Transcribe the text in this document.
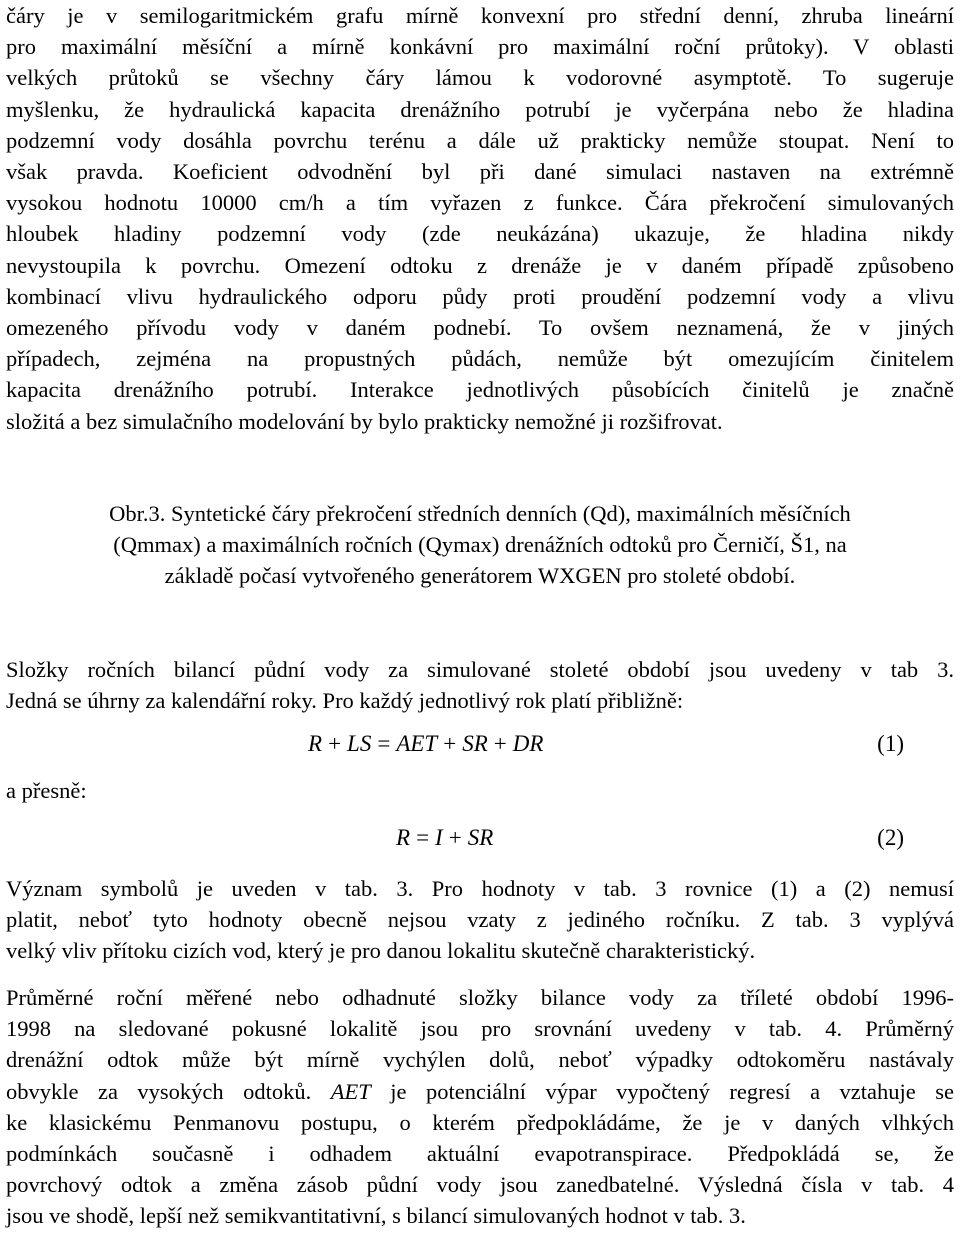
čáry je v semilogaritmickém grafu mírně konvexní pro střední denní, zhruba lineární
pro maximální měsíční a mírně konkávní pro maximální roční průtoky). V oblasti
velkých průtoků se všechny čáry lámou k vodorovné asymptotě. To sugeruje
myšlenku, že hydraulická kapacita drenážního potrubí je vyčerpána nebo že hladina
podzemní vody dosáhla povrchu terénu a dále už prakticky nemůže stoupat. Není to
však pravda. Koeficient odvodnění byl při dané simulaci nastaven na extrémně
vysokou hodnotu 10000 cm/h a tím vyřazen z funkce. Čára překročení simulovaných
hloubek hladiny podzemní vody (zde neukázána) ukazuje, že hladina nikdy
nevystoupila k povrchu. Omezení odtoku z drenáže je v daném případě způsobeno
kombinací vlivu hydraulického odporu půdy proti proudění podzemní vody a vlivu
omezeného přívodu vody v daném podnebí. To ovšem neznamená, že v jiných
případech, zejména na propustných půdách, nemůže být omezujícím činitelem
kapacita drenážního potrubí. Interakce jednotlivých působících činitelů je značně
složitá a bez simulačního modelování by bylo prakticky nemožné ji rozšifrovat.
Obr.3. Syntetické čáry překročení středních denních (Qd), maximálních měsíčních
(Qmmax) a maximálních ročních (Qymax) drenážních odtoků pro Černičí, Š1, na
základě počasí vytvořeného generátorem WXGEN pro stoleté období.
Složky ročních bilancí půdní vody za simulované stoleté období jsou uvedeny v tab 3.
Jedná se úhrny za kalendářní roky. Pro každý jednotlivý rok platí přibližně:
R + LS = AET + SR + DR	(1)
a přesně:
R = I + SR	(2)
Význam symbolů je uveden v tab. 3. Pro hodnoty v tab. 3 rovnice (1) a (2) nemusí
platit, neboť tyto hodnoty obecně nejsou vzaty z jediného ročníku. Z tab. 3 vyplývá
velký vliv přítoku cizích vod, který je pro danou lokalitu skutečně charakteristický.
Průměrné roční měřené nebo odhadnuté složky bilance vody za tříleté období 1996-
1998 na sledované pokusné lokalitě jsou pro srovnání uvedeny v tab. 4. Průměrný
drenážní odtok může být mírně vychýlen dolů, neboť výpadky odtokoměru nastávaly
obvykle za vysokých odtoků. AET je potenciální výpar vypočtený regresí a vztahuje se
ke klasickému Penmanovu postupu, o kterém předpokládáme, že je v daných vlhkých
podmínkách současně i odhadem aktuální evapotranspirace. Předpokládá se, že
povrchový odtok a změna zásob půdní vody jsou zanedbatelné. Výsledná čísla v tab. 4
jsou ve shodě, lepší než semikvantitativní, s bilancí simulovaných hodnot v tab. 3.
